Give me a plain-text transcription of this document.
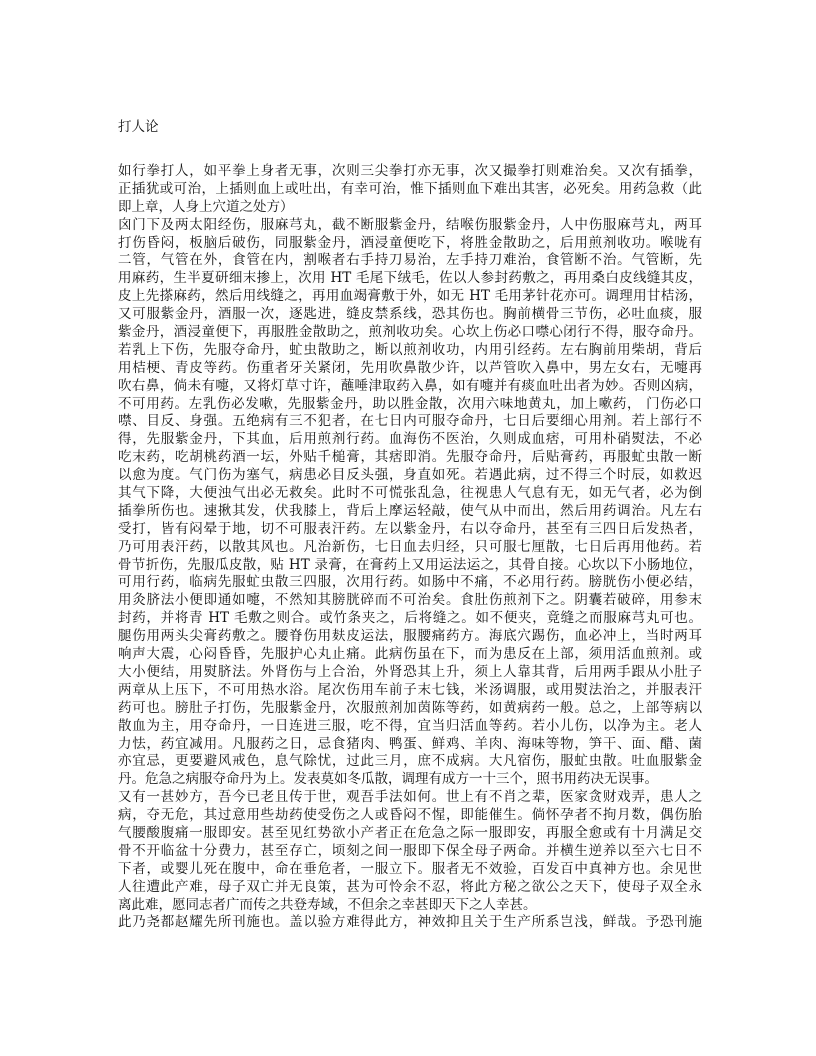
打人论
如行拳打人，如平拳上身者无事，次则三尖拳打亦无事，次又撮拳打则难治矣。又次有插拳，
正插犹或可治，上插则血上或吐出，有幸可治，惟下插则血下难出其害，必死矣。用药急救（此
即上章，人身上穴道之处方）
囟门下及两太阳经伤，服麻芎丸，截不断服紫金丹，结喉伤服紫金丹，人中伤服麻芎丸，两耳
打伤昏闷，板脑后破伤，同服紫金丹，酒浸童便吃下，将胜金散助之，后用煎剂收功。喉咙有
二管，气管在外，食管在内，割喉者右手持刀易治，左手持刀难治，食管断不治。气管断，先
用麻药，生半夏研细末掺上，次用 HT 毛尾下绒毛，佐以人参封药敷之，再用桑白皮线缝其皮，
皮上先搽麻药，然后用线缝之，再用血竭膏敷于外，如无 HT 毛用茅针花亦可。调理用甘桔汤，
又可服紫金丹，酒服一次，逐匙进，缝皮禁系线，恐其伤也。胸前横骨三节伤，必吐血痰，服
紫金丹，酒浸童便下，再服胜金散助之，煎剂收功矣。心坎上伤必口噤心闭行不得，服夺命丹。
若乳上下伤，先服夺命丹，虻虫散助之，断以煎剂收功，内用引经药。左右胸前用柴胡，背后
用桔梗、青皮等药。伤重者牙关紧闭，先用吹鼻散少许，以芦管吹入鼻中，男左女右，无嚏再
吹右鼻，倘未有嚏，又将灯草寸许，蘸唾津取药入鼻，如有嚏并有痰血吐出者为妙。否则凶病，
不可用药。左乳伤必发嗽，先服紫金丹，助以胜金散，次用六味地黄丸，加上嗽药， 门伤必口
噤、目反、身强。五绝病有三不犯者，在七日内可服夺命丹，七日后要细心用剂。若上部行不
得，先服紫金丹，下其血，后用煎剂行药。血海伤不医治，久则成血痞，可用朴硝熨法，不必
吃末药，吃胡桃药酒一坛，外贴千槌膏，其痞即消。先服夺命丹，后贴膏药，再服虻虫散一断
以愈为度。气门伤为塞气，病患必目反头强，身直如死。若遇此病，过不得三个时辰，如救迟
其气下降，大便浊气出必无救矣。此时不可慌张乱急，往视患人气息有无，如无气者，必为倒
插拳所伤也。速揪其发，伏我膝上，背后上摩运轻敲，使气从中而出，然后用药调治。凡左右
受打，皆有闷晕于地，切不可服表汗药。左以紫金丹，右以夺命丹，甚至有三四日后发热者，
乃可用表汗药，以散其风也。凡治新伤，七日血去归经，只可服七厘散，七日后再用他药。若
骨节折伤，先服瓜皮散，贴 HT 录膏，在膏药上又用运法运之，其骨自接。心坎以下小肠地位，
可用行药，临病先服虻虫散三四服，次用行药。如肠中不痛，不必用行药。膀胱伤小便必结，
用灸脐法小便即通如嚏，不然知其膀胱碎而不可治矣。食肚伤煎剂下之。阴囊若破碎，用参末
封药，并将青 HT 毛敷之则合。或竹条夹之，后将缝之。如不便夹，竟缝之而服麻芎丸可也。
腿伤用两头尖膏药敷之。腰脊伤用麸皮运法，服腰痛药方。海底穴踢伤，血必冲上，当时两耳
响声大震，心闷昏昏，先服护心丸止痛。此病伤虽在下，而为患反在上部，须用活血煎剂。或
大小便结，用熨脐法。外肾伤与上合治，外肾恐其上升，须上人靠其背，后用两手跟从小肚子
两章从上压下，不可用热水浴。尾次伤用车前子末七钱，米汤调服，或用熨法治之，并服表汗
药可也。膀肚子打伤，先服紫金丹，次服煎剂加茵陈等药，如黄病药一般。总之，上部等病以
散血为主，用夺命丹，一日连进三服，吃不得，宜当归活血等药。若小儿伤，以净为主。老人
力怯，药宜减用。凡服药之日，忌食猪肉、鸭蛋、鲜鸡、羊肉、海味等物，笋干、面、醋、菌
亦宜忌，更要避风戒色，息气除忧，过此三月，庶不成病。大凡宿伤，服虻虫散。吐血服紫金
丹。危急之病服夺命丹为上。发表莫如冬瓜散，调理有成方一十三个，照书用药决无误事。
又有一甚妙方，吾今已老且传于世，观吾手法如何。世上有不肖之辈，医家贪财戏弄，患人之
病，夺无危，其过意用些劫药使受伤之人或昏闷不惺，即能催生。倘怀孕者不拘月数，偶伤胎
气腰酸腹痛一服即安。甚至见红势欲小产者正在危急之际一服即安，再服全愈或有十月满足交
骨不开临盆十分费力，甚至存亡，顷刻之间一服即下保全母子两命。并横生逆养以至六七日不
下者，或婴儿死在腹中，命在垂危者，一服立下。服者无不效验，百发百中真神方也。余见世
人往遭此产难，母子双亡并无良策，甚为可怜余不忍，将此方秘之欲公之天下，使母子双全永
离此难，愿同志者广而传之共登寿域，不但余之幸甚即天下之人幸甚。
此乃尧都赵耀先所刊施也。盖以验方难得此方，神效抑且关于生产所系岂浅，鲜哉。予恐刊施
